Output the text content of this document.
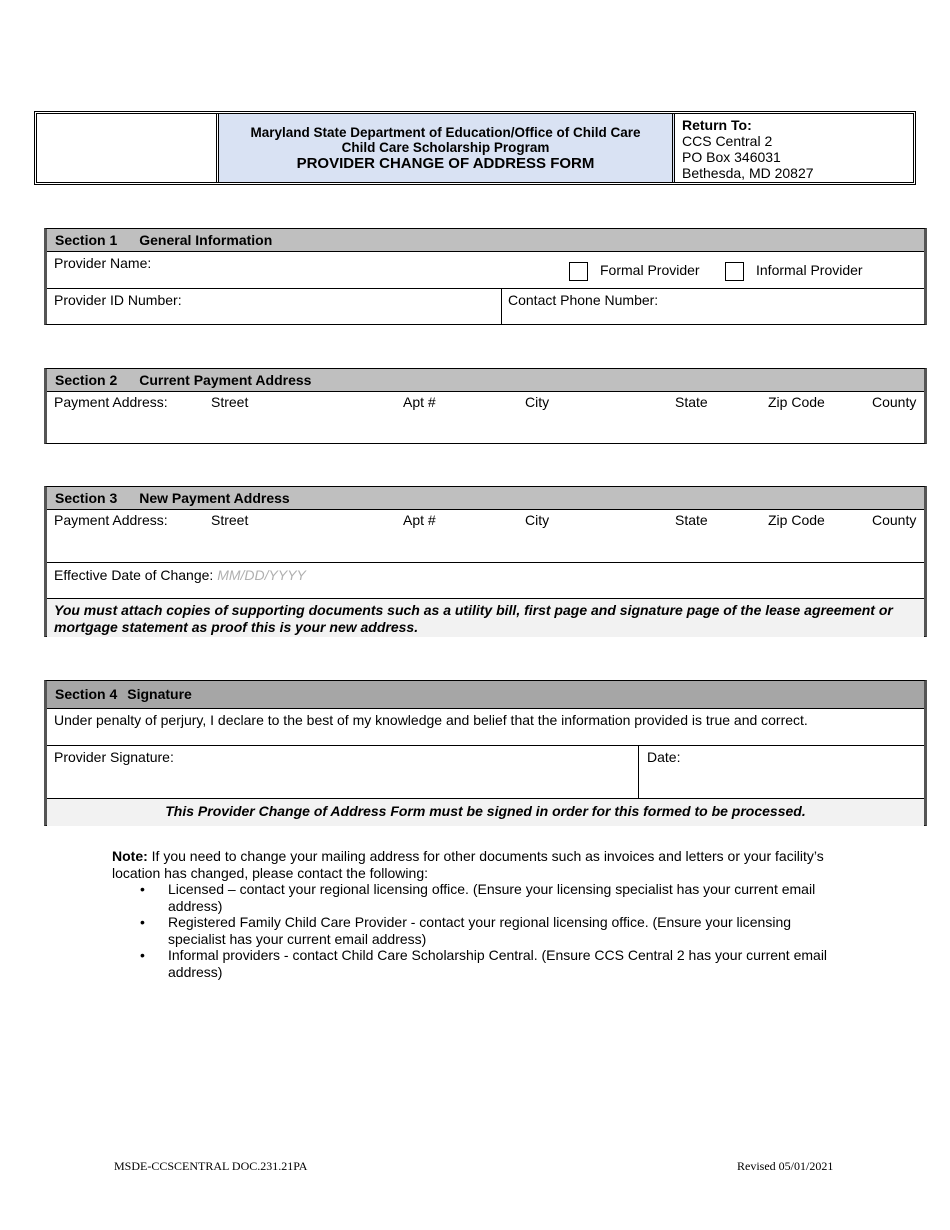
Maryland State Department of Education/Office of Child Care
Child Care Scholarship Program
PROVIDER CHANGE OF ADDRESS FORM
Return To:
CCS Central 2
PO Box 346031
Bethesda, MD 20827
Section 1 General Information
Provider Name:	Formal Provider	Informal Provider
Provider ID Number:	Contact Phone Number:
Section 2 Current Payment Address
Payment Address:	Street	Apt #	City	State	Zip Code	County
Section 3 New Payment Address
Payment Address:	Street	Apt #	City	State	Zip Code	County
Effective Date of Change: MM/DD/YYYY
You must attach copies of supporting documents such as a utility bill, first page and signature page of the lease agreement or mortgage statement as proof this is your new address.
Section 4 Signature
Under penalty of perjury, I declare to the best of my knowledge and belief that the information provided is true and correct.
Provider Signature:	Date:
This Provider Change of Address Form must be signed in order for this formed to be processed.
Note: If you need to change your mailing address for other documents such as invoices and letters or your facility’s location has changed, please contact the following:
• Licensed – contact your regional licensing office. (Ensure your licensing specialist has your current email address)
• Registered Family Child Care Provider - contact your regional licensing office. (Ensure your licensing specialist has your current email address)
• Informal providers - contact Child Care Scholarship Central. (Ensure CCS Central 2 has your current email address)
MSDE-CCSCENTRAL DOC.231.21PA	Revised 05/01/2021
